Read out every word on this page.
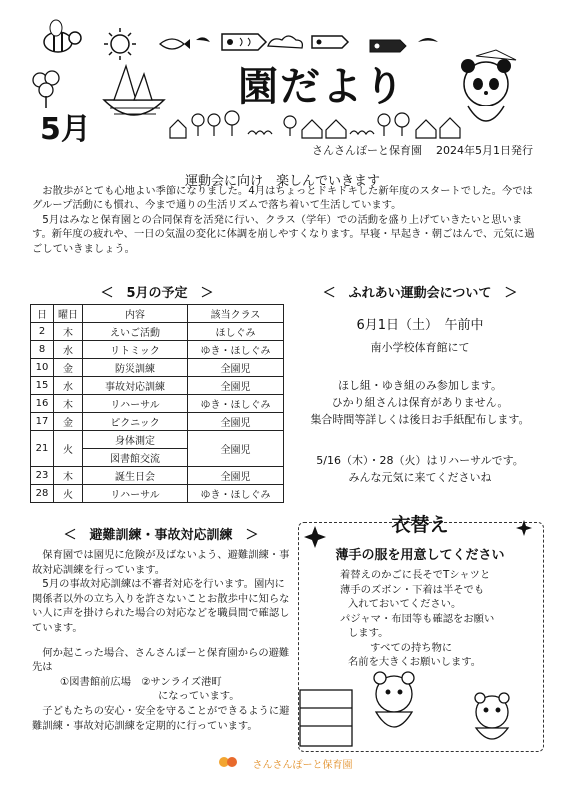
園だより
5月
さんさんぽーと保育園 2024年5月1日発行
運動会に向け　楽しんでいきます

お散歩がとても心地よい季節になりました。4月はちょっとドキドキした新年度のスタートでした。今ではグループ活動にも慣れ、今まで通りの生活リズムで落ち着いて生活しています。

5月はみなと保育園との合同保育を活発に行い、クラス（学年）での活動を盛り上げていきたいと思います。新年度の疲れや、一日の気温の変化に体調を崩しやすくなります。早寝・早起き・朝ごはんで、元気に過ごしていきましょう。

＜　5月の予定　＞
日	曜日	内容	該当クラス
2	木	えいご活動	ほしぐみ
8	水	リトミック	ゆき・ほしぐみ
10	金	防災訓練	全園児
15	水	事故対応訓練	全園児
16	木	リハーサル	ゆき・ほしぐみ
17	金	ピクニック	全園児
21	火	身体測定	全園児
		図書館交流	
23	木	誕生日会	全園児
28	火	リハーサル	ゆき・ほしぐみ
＜　ふれあい運動会について　＞
6月1日（土）　午前中
南小学校体育館にて
ほし組・ゆき組のみ参加します。
ひかり組さんは保育がありません。
集合時間等詳しくは後日お手紙配布します。
5/16（木）・28（火）はリハーサルです。
みんな元気に来てくださいね
＜　避難訓練・事故対応訓練　＞

保育園では園児に危険が及ばないよう、避難訓練・事故対応訓練を行っています。

5月の事故対応訓練は不審者対応を行います。園内に関係者以外の立ち入りを許さないことお散歩中に知らない人に声を掛けられた場合の対応などを職員間で確認しています。

何か起こった場合、さんさんぽーと保育園からの避難先は

①図書館前広場　②サンライズ港町

になっています。

子どもたちの安心・安全を守ることができるように避難訓練・事故対応訓練を定期的に行っています。

衣替え
薄手の服を用意してください

着替えのかごに長そでTシャツと

薄手のズボン・下着は半そでも

入れておいてください。

パジャマ・布団等も確認をお願い

します。

すべての持ち物に

名前を大きくお願いします。

さんさんぽーと保育園
